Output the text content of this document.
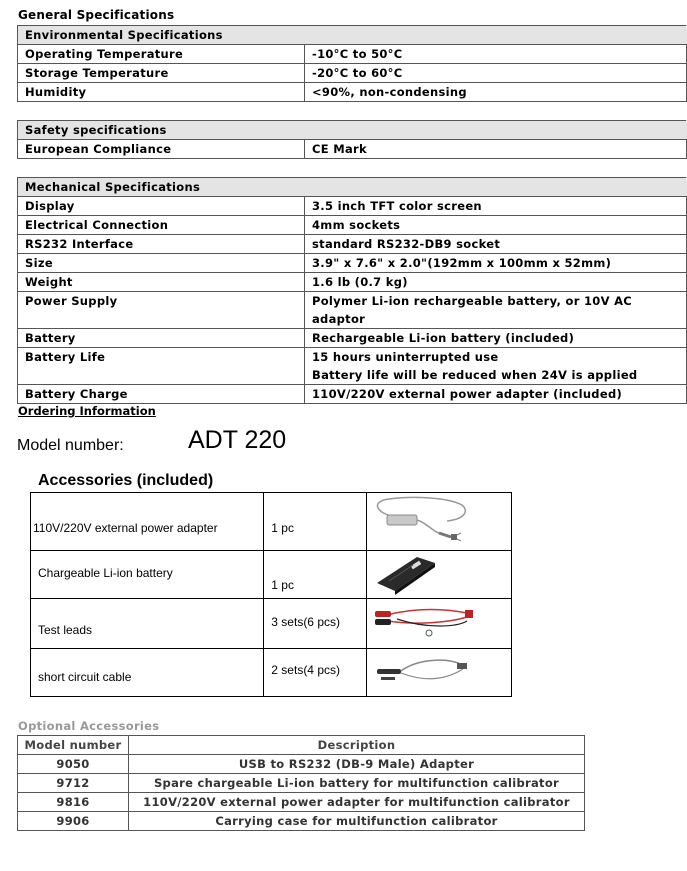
General Specifications
Environmental Specifications	
Operating Temperature	-10°C to 50°C
Storage Temperature	-20°C to 60°C
Humidity	<90%, non-condensing
Safety specifications
European Compliance	CE Mark
Mechanical Specifications	
Display	3.5 inch TFT color screen
Electrical Connection	4mm sockets
RS232 Interface	standard RS232-DB9 socket
Size	3.9" x 7.6" x 2.0"(192mm x 100mm x 52mm)
Weight	1.6 lb (0.7 kg)
Power Supply	Polymer Li-ion rechargeable battery, or 10V AC adaptor
Battery	Rechargeable Li-ion battery (included)
Battery Life	15 hours uninterrupted use
Battery life will be reduced when 24V is applied

Battery Charge	110V/220V external power adapter (included)
Ordering Information
Model number:	ADT 220
Accessories (included)
110V/220V external power adapter	1 pc

Chargeable Li-ion battery	1 pc

Test leads	3 sets(6 pcs)

short circuit cable	2 sets(4 pcs)

Optional Accessories
Model number	Description
9050	USB to RS232 (DB-9 Male) Adapter
9712	Spare chargeable Li-ion battery for multifunction calibrator
9816	110V/220V external power adapter for multifunction calibrator
9906	Carrying case for multifunction calibrator
